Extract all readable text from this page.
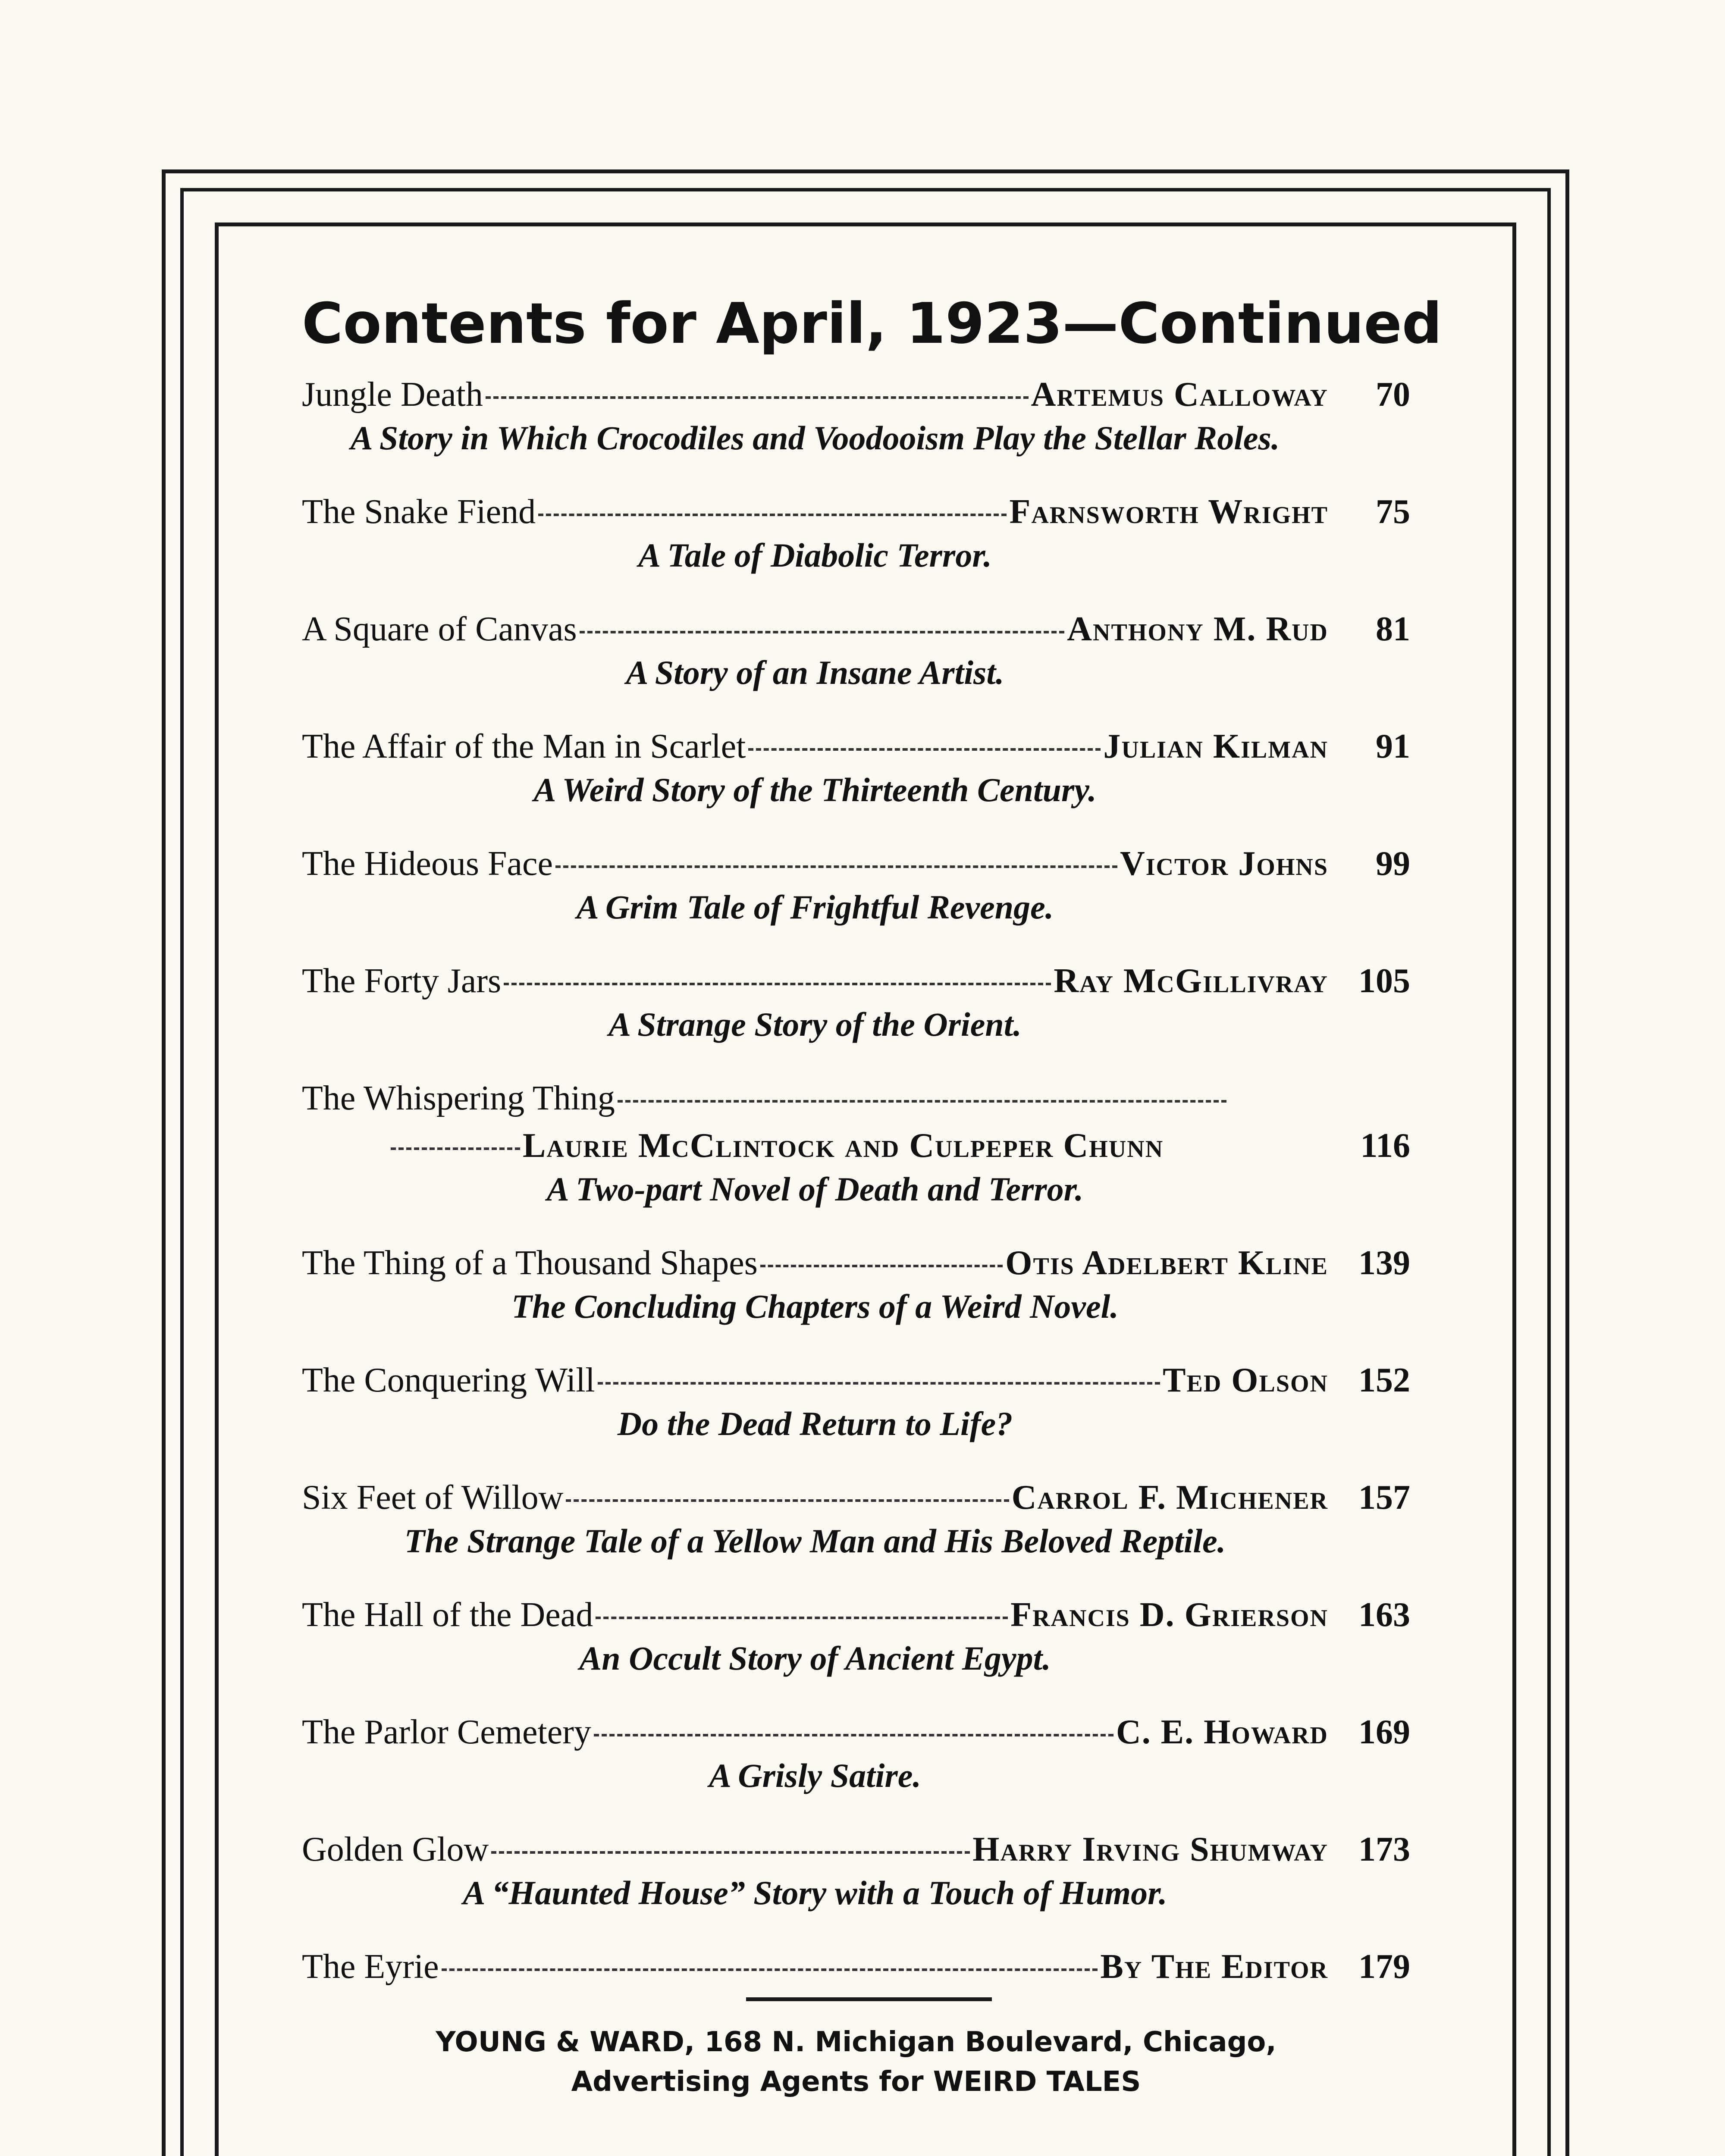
Contents for April, 1923—Continued
Jungle Death	Artemus Calloway	70
A Story in Which Crocodiles and Voodooism Play the Stellar Roles.
The Snake Fiend	Farnsworth Wright	75
A Tale of Diabolic Terror.
A Square of Canvas	Anthony M. Rud	81
A Story of an Insane Artist.
The Affair of the Man in Scarlet	Julian Kilman	91
A Weird Story of the Thirteenth Century.
The Hideous Face	Victor Johns	99
A Grim Tale of Frightful Revenge.
The Forty Jars	Ray McGillivray 105
A Strange Story of the Orient.
The Whispering Thing
Laurie McClintock and Culpeper Chunn	116
A Two-part Novel of Death and Terror.
The Thing of a Thousand Shapes	Otis Adelbert Kline 139
The Concluding Chapters of a Weird Novel.
The Conquering Will	Ted Olson 152
Do the Dead Return to Life?
Six Feet of Willow	Carrol F. Michener 157
The Strange Tale of a Yellow Man and His Beloved Reptile.
The Hall of the Dead	Francis D. Grierson 163
An Occult Story of Ancient Egypt.
The Parlor Cemetery	C. E. Howard 169
A Grisly Satire.
Golden Glow	Harry Irving Shumway 173
A “Haunted House” Story with a Touch of Humor.
The Eyrie	By The Editor 179
YOUNG & WARD, 168 N. Michigan Boulevard, Chicago,
Advertising Agents for WEIRD TALES
